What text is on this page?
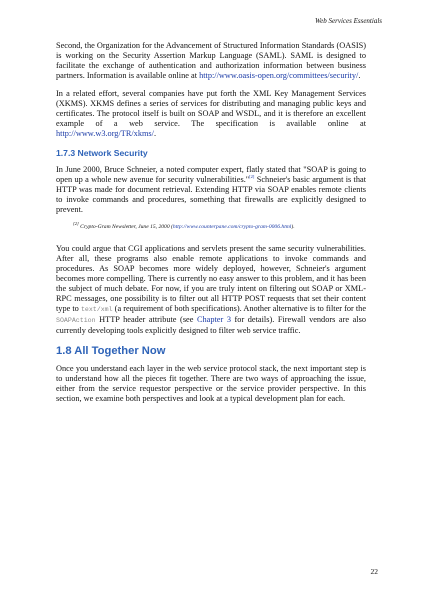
Web Services Essentials

Second, the Organization for the Advancement of Structured Information Standards (OASIS) is working on the Security Assertion Markup Language (SAML). SAML is designed to facilitate the exchange of authentication and authorization information between business partners. Information is available online at http://www.oasis-open.org/committees/security/.

In a related effort, several companies have put forth the XML Key Management Services (XKMS). XKMS defines a series of services for distributing and managing public keys and certificates. The protocol itself is built on SOAP and WSDL, and it is therefore an excellent example of a web service. The specification is available online at http://www.w3.org/TR/xkms/.

1.7.3 Network Security

In June 2000, Bruce Schneier, a noted computer expert, flatly stated that "SOAP is going to open up a whole new avenue for security vulnerabilities."[2] Schneier's basic argument is that HTTP was made for document retrieval. Extending HTTP via SOAP enables remote clients to invoke commands and procedures, something that firewalls are explicitly designed to prevent.

[2] Crypto-Gram Newsletter, June 15, 2000 (http://www.counterpane.com/crypto-gram-0006.html).

You could argue that CGI applications and servlets present the same security vulnerabilities. After all, these programs also enable remote applications to invoke commands and procedures. As SOAP becomes more widely deployed, however, Schneier's argument becomes more compelling. There is currently no easy answer to this problem, and it has been the subject of much debate. For now, if you are truly intent on filtering out SOAP or XML-RPC messages, one possibility is to filter out all HTTP POST requests that set their content type to text/xml (a requirement of both specifications). Another alternative is to filter for the SOAPAction HTTP header attribute (see Chapter 3 for details). Firewall vendors are also currently developing tools explicitly designed to filter web service traffic.

1.8 All Together Now

Once you understand each layer in the web service protocol stack, the next important step is to understand how all the pieces fit together. There are two ways of approaching the issue, either from the service requestor perspective or the service provider perspective. In this section, we examine both perspectives and look at a typical development plan for each.

22
